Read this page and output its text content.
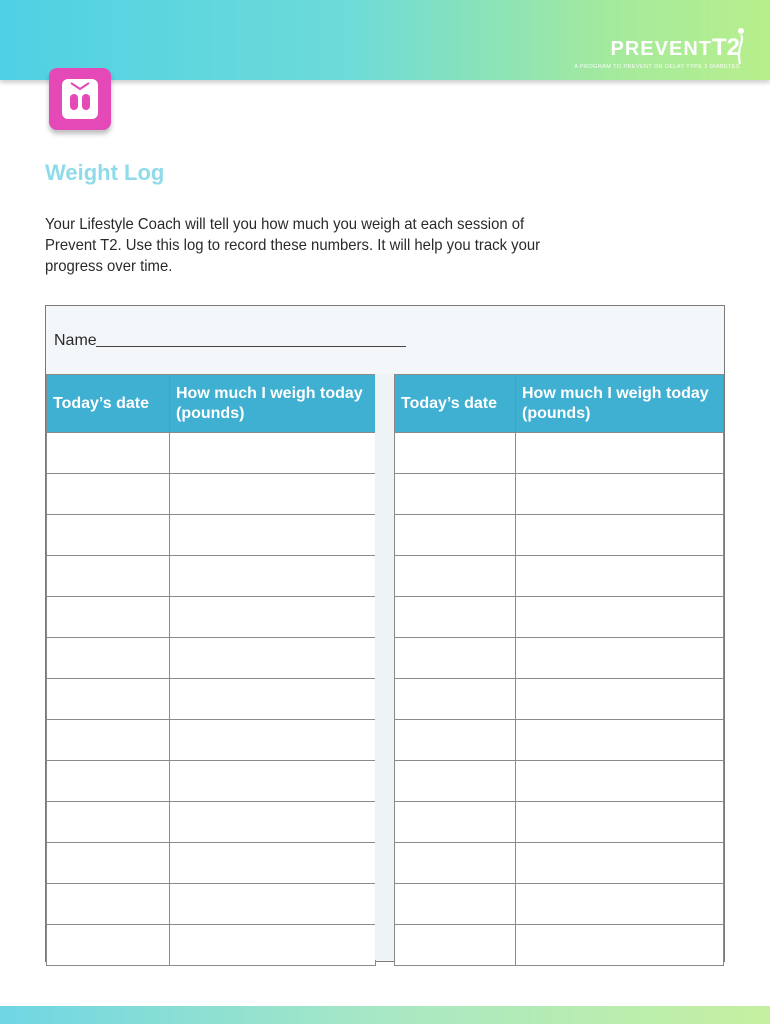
PREVENTT2
A PROGRAM TO PREVENT OR DELAY TYPE 2 DIABETES
Weight Log

Your Lifestyle Coach will tell you how much you weigh at each session of Prevent T2. Use this log to record these numbers. It will help you track your progress over time.

Name
Today’s date	How much I weigh today (pounds)

Today’s date	How much I weigh today (pounds)
